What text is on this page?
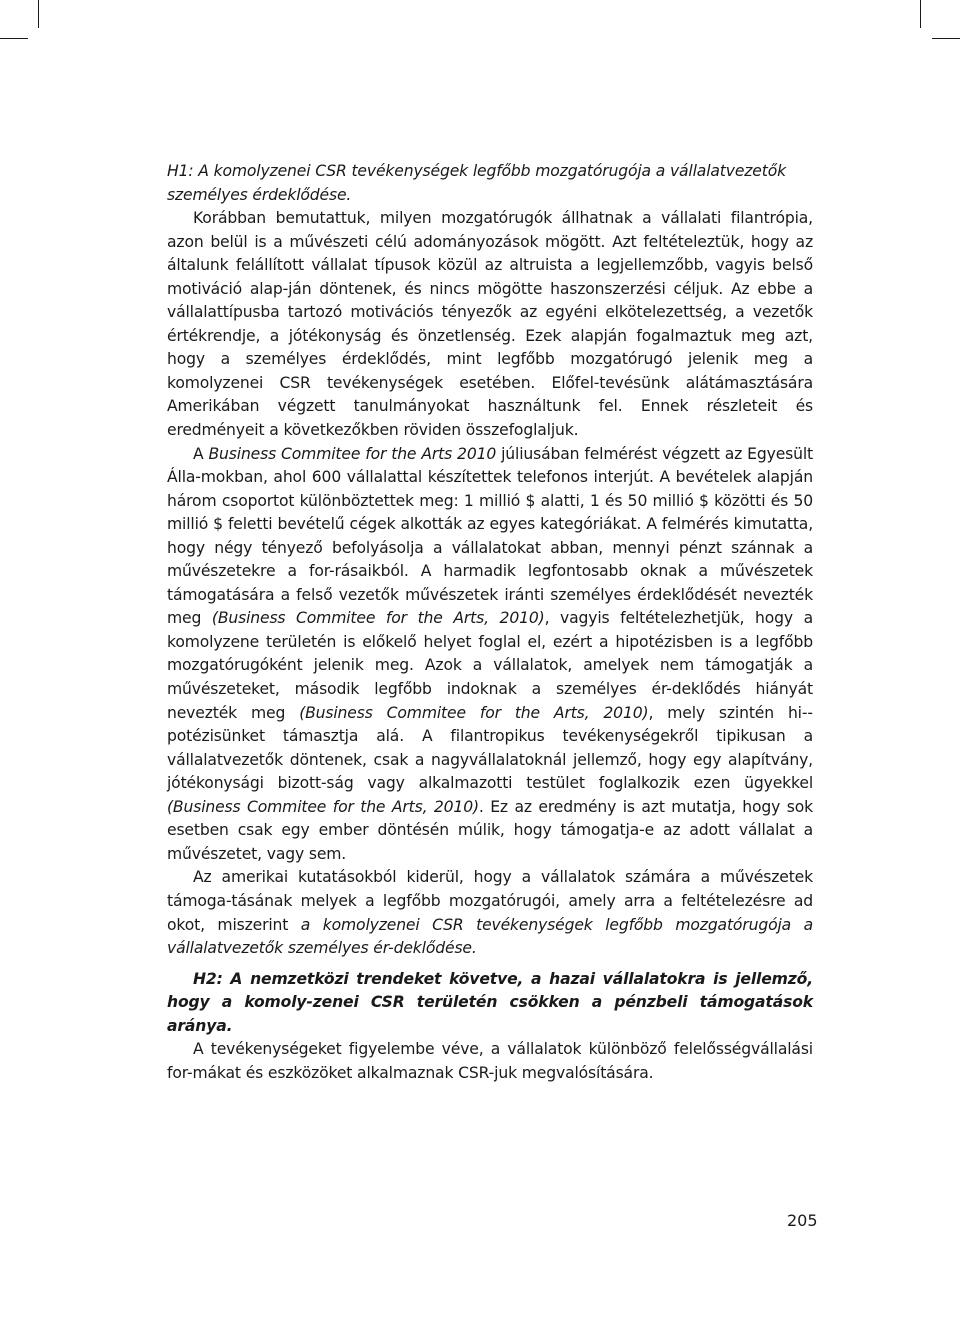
H1: A komolyzenei CSR tevékenységek legfőbb mozgatórugója a vállalatvezetők
személyes érdeklődése.

Korábban bemutattuk, milyen mozgatórugók állhatnak a vállalati filantrópia, azon belül is a művészeti célú adományozások mögött. Azt feltételeztük, hogy az általunk felállított vállalat típusok közül az altruista a legjellemzőbb, vagyis belső motiváció alap-ján döntenek, és nincs mögötte haszonszerzési céljuk. Az ebbe a vállalattípusba tartozó motivációs tényezők az egyéni elkötelezettség, a vezetők értékrendje, a jótékonyság és önzetlenség. Ezek alapján fogalmaztuk meg azt, hogy a személyes érdeklődés, mint legfőbb mozgatórugó jelenik meg a komolyzenei CSR tevékenységek esetében. Előfel-tevésünk alátámasztására Amerikában végzett tanulmányokat használtunk fel. Ennek részleteit és eredményeit a következőkben röviden összefoglaljuk.

A Business Commitee for the Arts 2010 júliusában felmérést végzett az Egyesült Álla-mokban, ahol 600 vállalattal készítettek telefonos interjút. A bevételek alapján három csoportot különböztettek meg: 1 millió $ alatti, 1 és 50 millió $ közötti és 50 millió $ feletti bevételű cégek alkották az egyes kategóriákat. A felmérés kimutatta, hogy négy tényező befolyásolja a vállalatokat abban, mennyi pénzt szánnak a művészetekre a for-rásaikból. A harmadik legfontosabb oknak a művészetek támogatására a felső vezetők művészetek iránti személyes érdeklődését nevezték meg (Business Commitee for the Arts, 2010), vagyis feltételezhetjük, hogy a komolyzene területén is előkelő helyet foglal el, ezért a hipotézisben is a legfőbb mozgatórugóként jelenik meg. Azok a vállalatok, amelyek nem támogatják a művészeteket, második legfőbb indoknak a személyes ér-deklődés hiányát nevezték meg (Business Commitee for the Arts, 2010), mely szintén hi-potézisünket támasztja alá. A filantropikus tevékenységekről tipikusan a vállalatvezetők döntenek, csak a nagyvállalatoknál jellemző, hogy egy alapítvány, jótékonysági bizott-ság vagy alkalmazotti testület foglalkozik ezen ügyekkel (Business Commitee for the Arts, 2010). Ez az eredmény is azt mutatja, hogy sok esetben csak egy ember döntésén múlik, hogy támogatja-e az adott vállalat a művészetet, vagy sem.

Az amerikai kutatásokból kiderül, hogy a vállalatok számára a művészetek támoga-tásának melyek a legfőbb mozgatórugói, amely arra a feltételezésre ad okot, miszerint a komolyzenei CSR tevékenységek legfőbb mozgatórugója a vállalatvezetők személyes ér-deklődése.

H2: A nemzetközi trendeket követve, a hazai vállalatokra is jellemző, hogy a komoly-zenei CSR területén csökken a pénzbeli támogatások aránya.

A tevékenységeket figyelembe véve, a vállalatok különböző felelősségvállalási for-mákat és eszközöket alkalmaznak CSR-juk megvalósítására.

205
